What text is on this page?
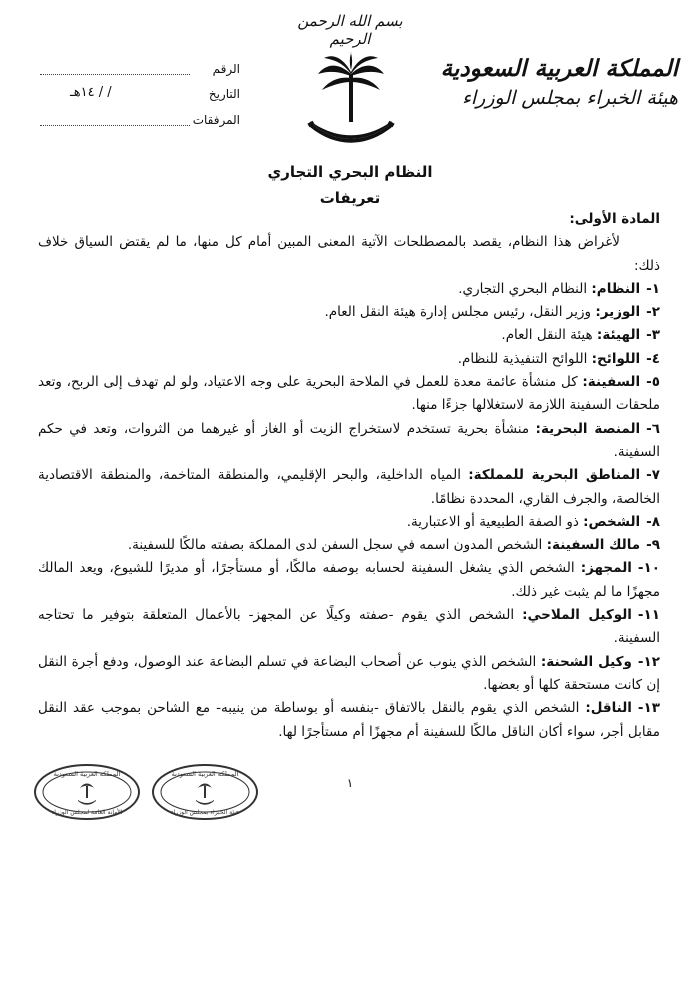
بسم الله الرحمن الرحيم
المملكة العربية السعودية
هيئة الخبراء بمجلس الوزراء
الرقم
التاريخ
/ / ١٤هـ
المرفقات
النظام البحري التجاري
تعريفات
المادة الأولى:

لأغراض هذا النظام، يقصد بالمصطلحات الآتية المعنى المبين أمام كل منها، ما لم يقتض السياق خلاف ذلك:

١-النظام: النظام البحري التجاري.

٢-الوزير: وزير النقل، رئيس مجلس إدارة هيئة النقل العام.

٣-الهيئة: هيئة النقل العام.

٤-اللوائح: اللوائح التنفيذية للنظام.

٥-السفينة: كل منشأة عائمة معدة للعمل في الملاحة البحرية على وجه الاعتياد، ولو لم تهدف إلى الربح، وتعد ملحقات السفينة اللازمة لاستغلالها جزءًا منها.

٦-المنصة البحرية: منشأة بحرية تستخدم لاستخراج الزيت أو الغاز أو غيرهما من الثروات، وتعد في حكم السفينة.

٧-المناطق البحرية للمملكة: المياه الداخلية، والبحر الإقليمي، والمنطقة المتاخمة، والمنطقة الاقتصادية الخالصة، والجرف القاري، المحددة نظامًا.

٨-الشخص: ذو الصفة الطبيعية أو الاعتبارية.

٩-مالك السفينة: الشخص المدون اسمه في سجل السفن لدى المملكة بصفته مالكًا للسفينة.

١٠-المجهز: الشخص الذي يشغل السفينة لحسابه بوصفه مالكًا، أو مستأجرًا، أو مديرًا للشيوع، ويعد المالك مجهزًا ما لم يثبت غير ذلك.

١١-الوكيل الملاحي: الشخص الذي يقوم -صفته وكيلًا عن المجهز- بالأعمال المتعلقة بتوفير ما تحتاجه السفينة.

١٢-وكيل الشحنة: الشخص الذي ينوب عن أصحاب البضاعة في تسلم البضاعة عند الوصول، ودفع أجرة النقل إن كانت مستحقة كلها أو بعضها.

١٣-الناقل: الشخص الذي يقوم بالنقل بالاتفاق -بنفسه أو بوساطة من ينيبه- مع الشاحن بموجب عقد النقل مقابل أجر، سواء أكان الناقل مالكًا للسفينة أم مجهزًا أم مستأجرًا لها.

١
المملكة العربية السعودية
الأمانة العامة لمجلس الوزراء
المملكة العربية السعودية
هيئة الخبراء بمجلس الوزراء
